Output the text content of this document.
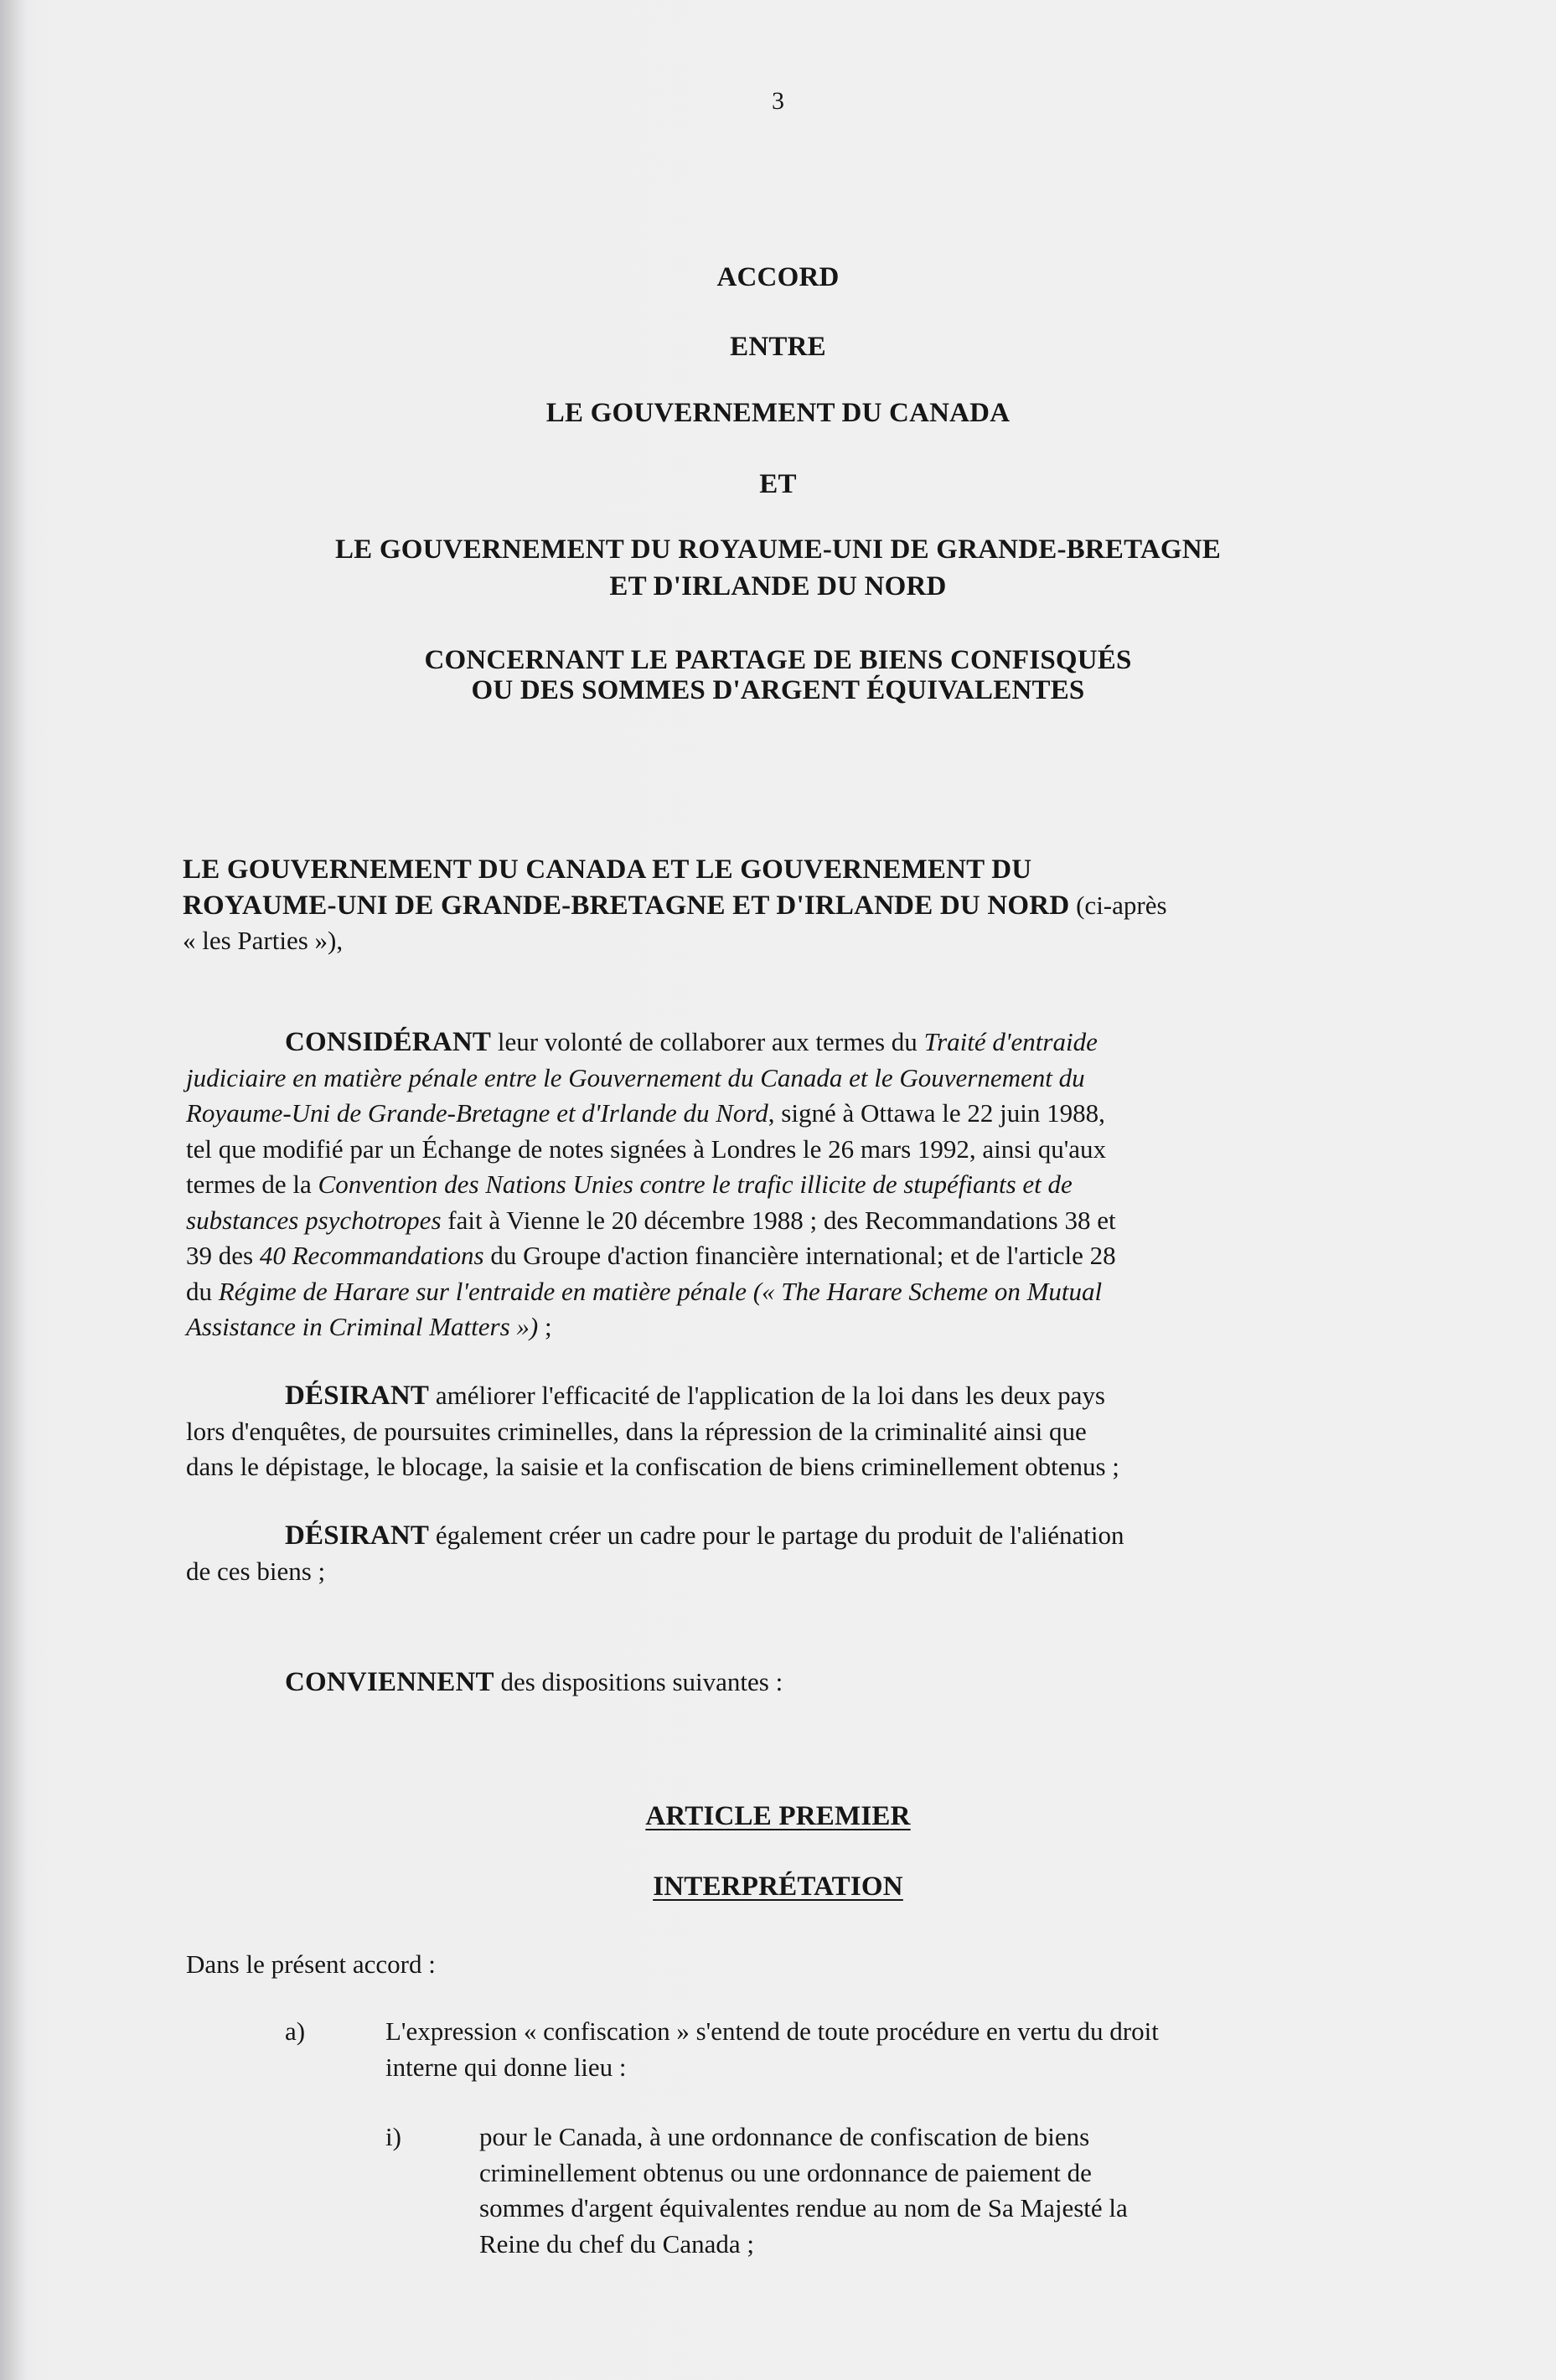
3
ACCORD
ENTRE
LE GOUVERNEMENT DU CANADA
ET
LE GOUVERNEMENT DU ROYAUME-UNI DE GRANDE-BRETAGNE
ET D'IRLANDE DU NORD
CONCERNANT LE PARTAGE DE BIENS CONFISQUÉS
OU DES SOMMES D'ARGENT ÉQUIVALENTES
LE GOUVERNEMENT DU CANADA ET LE GOUVERNEMENT DU
ROYAUME-UNI DE GRANDE-BRETAGNE ET D'IRLANDE DU NORD (ci-après
« les Parties »),
CONSIDÉRANT leur volonté de collaborer aux termes du Traité d'entraide
judiciaire en matière pénale entre le Gouvernement du Canada et le Gouvernement du
Royaume-Uni de Grande-Bretagne et d'Irlande du Nord, signé à Ottawa le 22 juin 1988,
tel que modifié par un Échange de notes signées à Londres le 26 mars 1992, ainsi qu'aux
termes de la Convention des Nations Unies contre le trafic illicite de stupéfiants et de
substances psychotropes fait à Vienne le 20 décembre 1988 ; des Recommandations 38 et
39 des 40 Recommandations du Groupe d'action financière international; et de l'article 28
du Régime de Harare sur l'entraide en matière pénale (« The Harare Scheme on Mutual
Assistance in Criminal Matters ») ;
DÉSIRANT améliorer l'efficacité de l'application de la loi dans les deux pays
lors d'enquêtes, de poursuites criminelles, dans la répression de la criminalité ainsi que
dans le dépistage, le blocage, la saisie et la confiscation de biens criminellement obtenus ;
DÉSIRANT également créer un cadre pour le partage du produit de l'aliénation
de ces biens ;
CONVIENNENT des dispositions suivantes :
ARTICLE PREMIER
INTERPRÉTATION
Dans le présent accord :
a)	L'expression « confiscation » s'entend de toute procédure en vertu du droit
interne qui donne lieu :
i)	pour le Canada, à une ordonnance de confiscation de biens
criminellement obtenus ou une ordonnance de paiement de
sommes d'argent équivalentes rendue au nom de Sa Majesté la
Reine du chef du Canada ;
